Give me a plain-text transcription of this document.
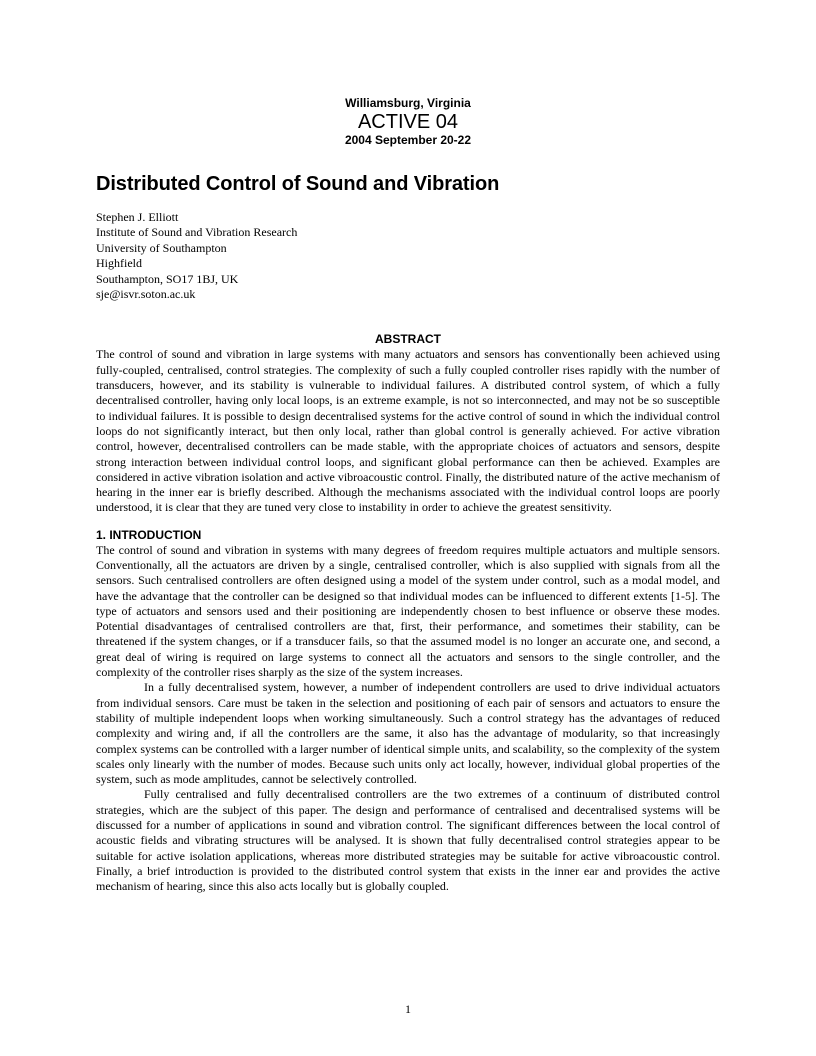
Williamsburg, Virginia
ACTIVE 04
2004 September 20-22
Distributed Control of Sound and Vibration
Stephen J. Elliott
Institute of Sound and Vibration Research
University of Southampton
Highfield
Southampton, SO17 1BJ, UK
sje@isvr.soton.ac.uk
ABSTRACT

The control of sound and vibration in large systems with many actuators and sensors has conventionally been achieved using fully-coupled, centralised, control strategies. The complexity of such a fully coupled controller rises rapidly with the number of transducers, however, and its stability is vulnerable to individual failures. A distributed control system, of which a fully decentralised controller, having only local loops, is an extreme example, is not so interconnected, and may not be so susceptible to individual failures. It is possible to design decentralised systems for the active control of sound in which the individual control loops do not significantly interact, but then only local, rather than global control is generally achieved. For active vibration control, however, decentralised controllers can be made stable, with the appropriate choices of actuators and sensors, despite strong interaction between individual control loops, and significant global performance can then be achieved. Examples are considered in active vibration isolation and active vibroacoustic control. Finally, the distributed nature of the active mechanism of hearing in the inner ear is briefly described. Although the mechanisms associated with the individual control loops are poorly understood, it is clear that they are tuned very close to instability in order to achieve the greatest sensitivity.

1. INTRODUCTION

The control of sound and vibration in systems with many degrees of freedom requires multiple actuators and multiple sensors. Conventionally, all the actuators are driven by a single, centralised controller, which is also supplied with signals from all the sensors. Such centralised controllers are often designed using a model of the system under control, such as a modal model, and have the advantage that the controller can be designed so that individual modes can be influenced to different extents [1-5]. The type of actuators and sensors used and their positioning are independently chosen to best influence or observe these modes. Potential disadvantages of centralised controllers are that, first, their performance, and sometimes their stability, can be threatened if the system changes, or if a transducer fails, so that the assumed model is no longer an accurate one, and second, a great deal of wiring is required on large systems to connect all the actuators and sensors to the single controller, and the complexity of the controller rises sharply as the size of the system increases.

In a fully decentralised system, however, a number of independent controllers are used to drive individual actuators from individual sensors. Care must be taken in the selection and positioning of each pair of sensors and actuators to ensure the stability of multiple independent loops when working simultaneously. Such a control strategy has the advantages of reduced complexity and wiring and, if all the controllers are the same, it also has the advantage of modularity, so that increasingly complex systems can be controlled with a larger number of identical simple units, and scalability, so the complexity of the system scales only linearly with the number of modes. Because such units only act locally, however, individual global properties of the system, such as mode amplitudes, cannot be selectively controlled.

Fully centralised and fully decentralised controllers are the two extremes of a continuum of distributed control strategies, which are the subject of this paper. The design and performance of centralised and decentralised systems will be discussed for a number of applications in sound and vibration control. The significant differences between the local control of acoustic fields and vibrating structures will be analysed. It is shown that fully decentralised control strategies appear to be suitable for active isolation applications, whereas more distributed strategies may be suitable for active vibroacoustic control. Finally, a brief introduction is provided to the distributed control system that exists in the inner ear and provides the active mechanism of hearing, since this also acts locally but is globally coupled.

1
